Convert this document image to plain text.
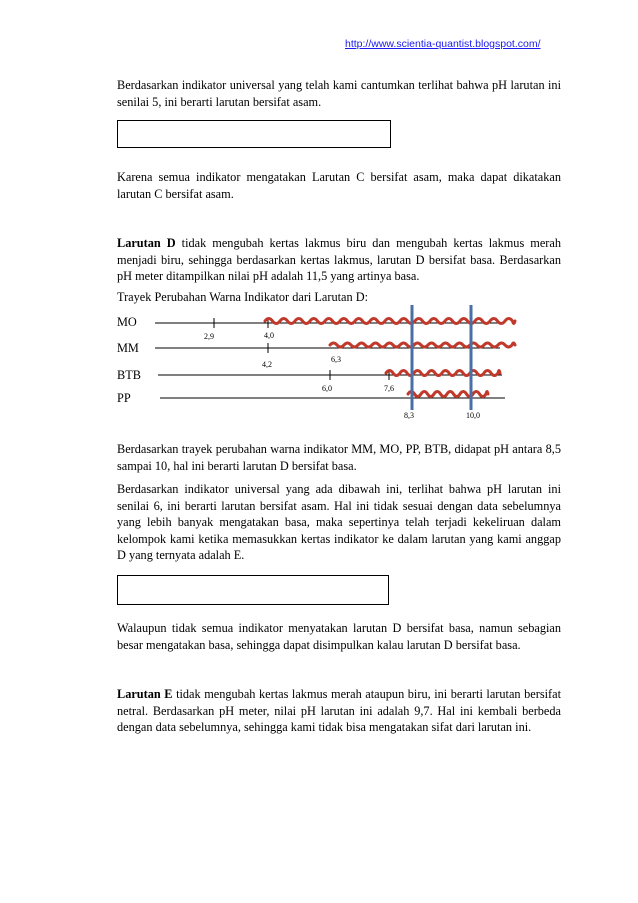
http://www.scientia-quantist.blogspot.com/

Berdasarkan indikator universal yang telah kami cantumkan terlihat bahwa pH larutan ini senilai 5, ini berarti larutan bersifat asam.

Karena semua indikator mengatakan Larutan C bersifat asam, maka dapat dikatakan larutan C bersifat asam.

Larutan D tidak mengubah kertas lakmus biru dan mengubah kertas lakmus merah menjadi biru, sehingga berdasarkan kertas lakmus, larutan D bersifat basa. Berdasarkan pH meter ditampilkan nilai pH adalah 11,5 yang artinya basa.

Trayek Perubahan Warna Indikator dari Larutan D:

MO
MM
BTB
PP
2,9	4,0
4,2
6,3
6,0	7,6
8,3	10,0

Berdasarkan trayek perubahan warna indikator MM, MO, PP, BTB, didapat pH antara 8,5 sampai 10, hal ini berarti larutan D bersifat basa.

Berdasarkan indikator universal yang ada dibawah ini, terlihat bahwa pH larutan ini senilai 6, ini berarti larutan bersifat asam. Hal ini tidak sesuai dengan data sebelumnya yang lebih banyak mengatakan basa, maka sepertinya telah terjadi kekeliruan dalam kelompok kami ketika memasukkan kertas indikator ke dalam larutan yang kami anggap D yang ternyata adalah E.

Walaupun tidak semua indikator menyatakan larutan D bersifat basa, namun sebagian besar mengatakan basa, sehingga dapat disimpulkan kalau larutan D bersifat basa.

Larutan E tidak mengubah kertas lakmus merah ataupun biru, ini berarti larutan bersifat netral. Berdasarkan pH meter, nilai pH larutan ini adalah 9,7. Hal ini kembali berbeda dengan data sebelumnya, sehingga kami tidak bisa mengatakan sifat dari larutan ini.
